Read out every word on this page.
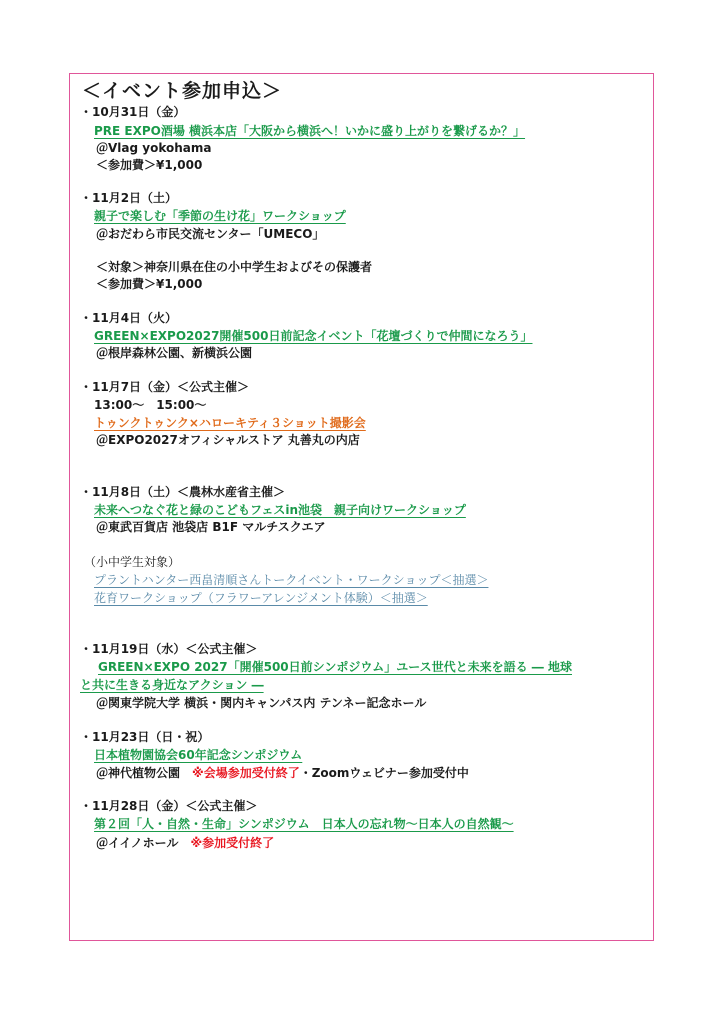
＜イベント参加申込＞
・10月31日（金）
PRE EXPO酒場 横浜本店「大阪から横浜へ！いかに盛り上がりを繋げるか？」
＠Vlag yokohama
＜参加費＞¥1,000
・11月2日（土）
親子で楽しむ「季節の生け花」ワークショップ
＠おだわら市民交流センター「UMECO」
＜対象＞神奈川県在住の小中学生およびその保護者
＜参加費＞¥1,000
・11月4日（火）
GREEN×EXPO2027開催500日前記念イベント「花壇づくりで仲間になろう」
＠根岸森林公園、新横浜公園
・11月7日（金）＜公式主催＞
13:00～　15:00～
トゥンクトゥンク×ハローキティ３ショット撮影会
＠EXPO2027オフィシャルストア 丸善丸の内店
・11月8日（土）＜農林水産省主催＞
未来へつなぐ花と緑のこどもフェスin池袋　親子向けワークショップ
＠東武百貨店 池袋店 B1F マルチスクエア
（小中学生対象）
プラントハンター西畠清順さんトークイベント・ワークショップ＜抽選＞
花育ワークショップ（フラワーアレンジメント体験）＜抽選＞
・11月19日（水）＜公式主催＞
GREEN×EXPO 2027「開催500日前シンポジウム」ユース世代と未来を語る ― 地球
と共に生きる身近なアクション ―
＠関東学院大学 横浜・関内キャンパス内 テンネー記念ホール
・11月23日（日・祝）
日本植物園協会60年記念シンポジウム
＠神代植物公園　 ※会場参加受付終了・Zoomウェビナー参加受付中
・11月28日（金）＜公式主催＞
第２回「人・自然・生命」シンポジウム　日本人の忘れ物～日本人の自然観～
＠イイノホール　 ※参加受付終了
